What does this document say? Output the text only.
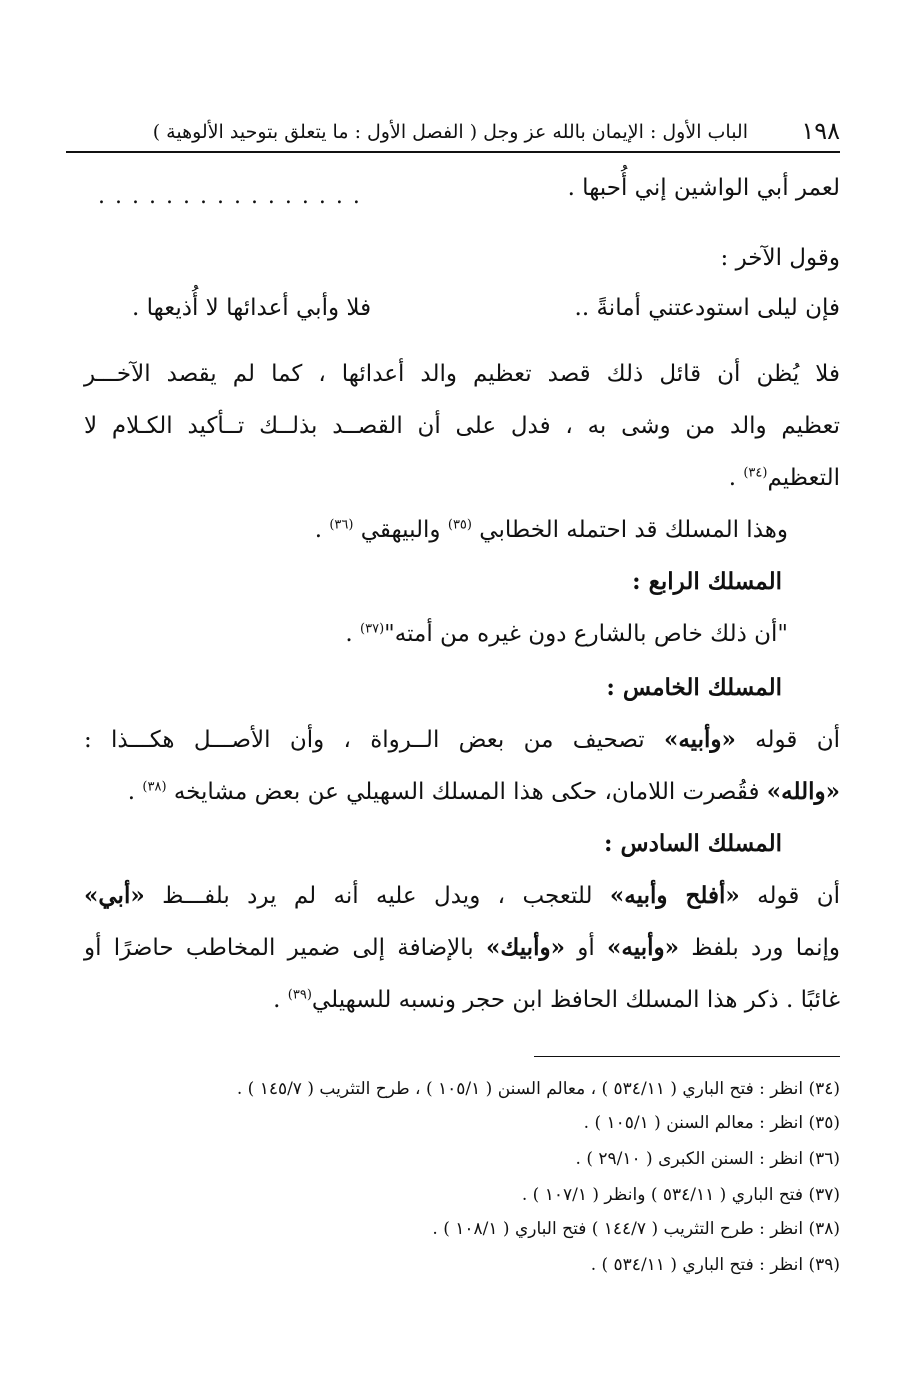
١٩٨
الباب الأول : الإيمان بالله عز وجل ( الفصل الأول : ما يتعلق بتوحيد الألوهية )
لعمر أبي الواشين إني أُحبها .
................
وقول الآخر :
فإن ليلى استودعتني أمانةً ..
فلا وأبي أعدائها لا أُذيعها .
فلا يُظن أن قائل ذلك قصد تعظيم والد أعدائها ، كما لم يقصد الآخـــر
تعظيم والد من وشى به ، فدل على أن القصــد بذلــك تــأكيد الكـلام لا
التعظيم$^{(٣٤)}$ .
وهذا المسلك قد احتمله الخطابي $^{(٣٥)}$ والبيهقي $^{(٣٦)}$ .
المسلك الرابع :
"أن ذلك خاص بالشارع دون غيره من أمته"$^{(٣٧)}$ .
المسلك الخامس :
أن قوله «وأبيه» تصحيف من بعض الــرواة ، وأن الأصـــل هكـــذا :
«والله» فقُصرت اللامان، حكى هذا المسلك السهيلي عن بعض مشايخه $^{(٣٨)}$ .
المسلك السادس :
أن قوله «أفلح وأبيه» للتعجب ، ويدل عليه أنه لم يرد بلفـــظ «أبي»
وإنما ورد بلفظ «وأبيه» أو «وأبيك» بالإضافة إلى ضمير المخاطب حاضرًا أو
غائبًا . ذكر هذا المسلك الحافظ ابن حجر ونسبه للسهيلي$^{(٣٩)}$ .
(٣٤) انظر : فتح الباري ( ٥٣٤/١١ ) ، معالم السنن ( ١٠٥/١ ) ، طرح التثريب ( ١٤٥/٧ ) .
(٣٥) انظر : معالم السنن ( ١٠٥/١ ) .
(٣٦) انظر : السنن الكبرى ( ٢٩/١٠ ) .
(٣٧) فتح الباري ( ٥٣٤/١١ ) وانظر ( ١٠٧/١ ) .
(٣٨) انظر : طرح التثريب ( ١٤٤/٧ ) فتح الباري ( ١٠٨/١ ) .
(٣٩) انظر : فتح الباري ( ٥٣٤/١١ ) .
